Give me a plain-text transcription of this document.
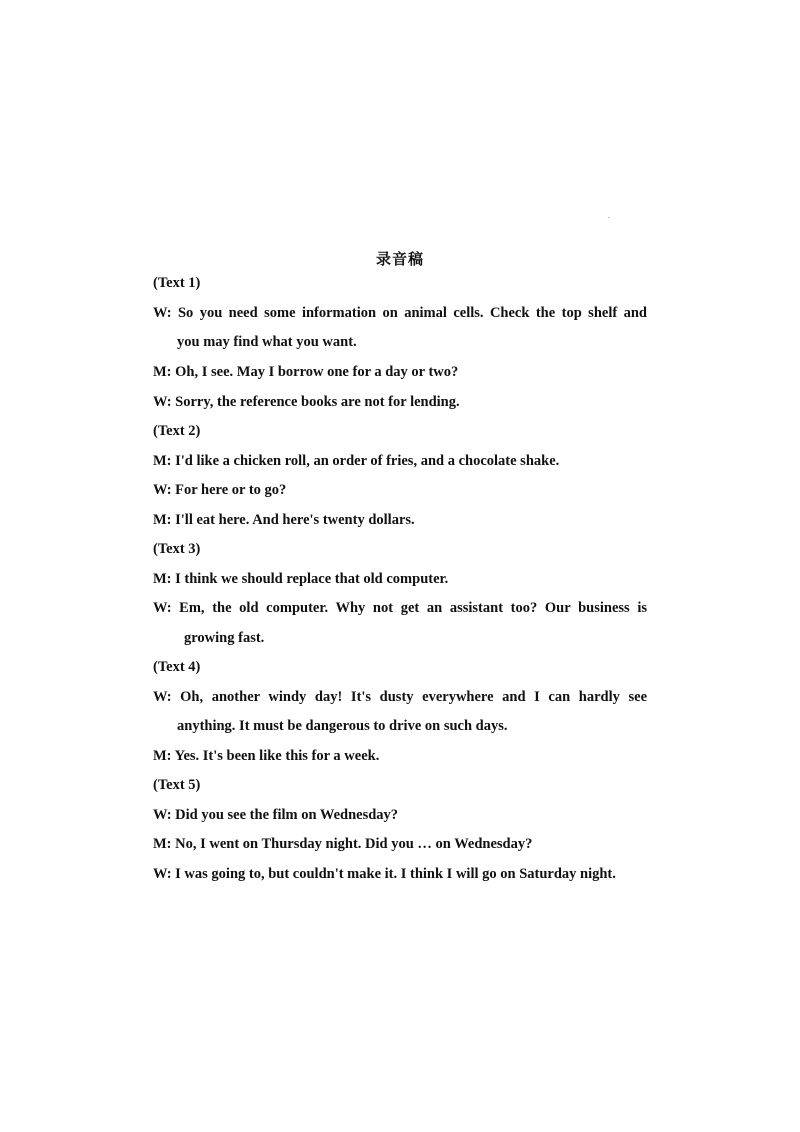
录音稿
(Text 1)
W: So you need some information on animal cells. Check the top shelf and
you may find what you want.
M: Oh, I see. May I borrow one for a day or two?
W: Sorry, the reference books are not for lending.
(Text 2)
M: I'd like a chicken roll, an order of fries, and a chocolate shake.
W: For here or to go?
M: I'll eat here. And here's twenty dollars.
(Text 3)
M: I think we should replace that old computer.
W: Em, the old computer. Why not get an assistant too? Our business is
growing fast.
(Text 4)
W: Oh, another windy day! It's dusty everywhere and I can hardly see
anything. It must be dangerous to drive on such days.
M: Yes. It's been like this for a week.
(Text 5)
W: Did you see the film on Wednesday?
M: No, I went on Thursday night. Did you … on Wednesday?
W: I was going to, but couldn't make it. I think I will go on Saturday night.
